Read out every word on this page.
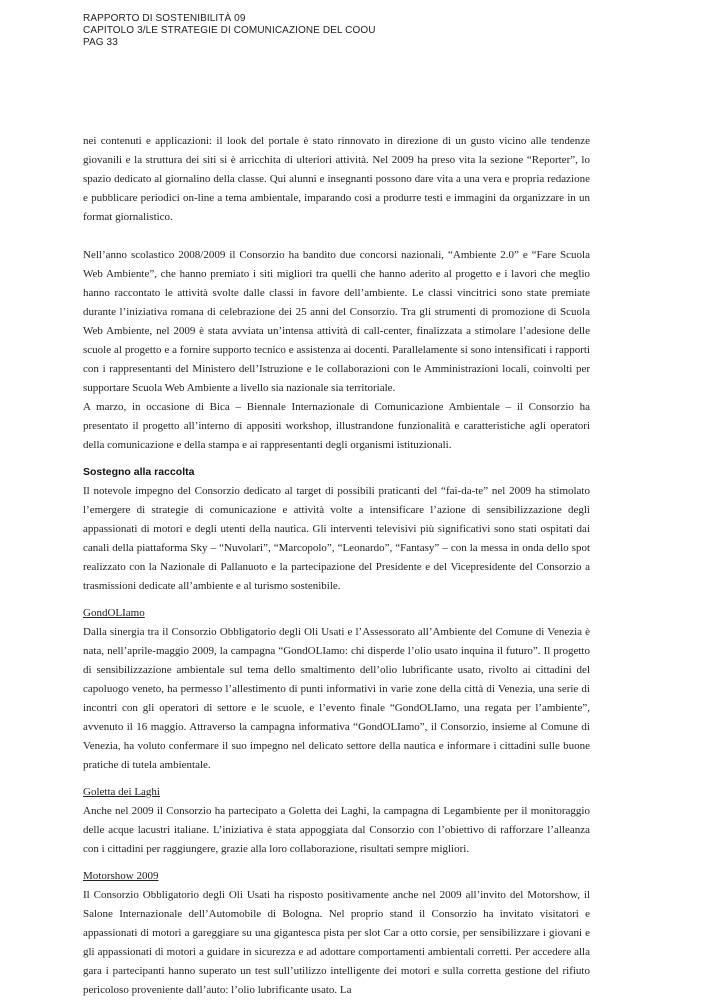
RAPPORTO DI SOSTENIBILITÀ 09
CAPITOLO 3/LE STRATEGIE DI COMUNICAZIONE DEL COOU
PAG 33

nei contenuti e applicazioni: il look del portale è stato rinnovato in direzione di un gusto vicino alle tendenze giovanili e la struttura dei siti si è arricchita di ulteriori attività. Nel 2009 ha preso vita la sezione “Reporter”, lo spazio dedicato al giornalino della classe. Qui alunni e insegnanti possono dare vita a una vera e propria redazione e pubblicare periodici on-line a tema ambientale, imparando così a produrre testi e immagini da organizzare in un format giornalistico.

Nell’anno scolastico 2008/2009 il Consorzio ha bandito due concorsi nazionali, “Ambiente 2.0” e “Fare Scuola Web Ambiente”, che hanno premiato i siti migliori tra quelli che hanno aderito al progetto e i lavori che meglio hanno raccontato le attività svolte dalle classi in favore dell’ambiente. Le classi vincitrici sono state premiate durante l’iniziativa romana di celebrazione dei 25 anni del Consorzio. Tra gli strumenti di promozione di Scuola Web Ambiente, nel 2009 è stata avviata un’intensa attività di call-center, finalizzata a stimolare l’adesione delle scuole al progetto e a fornire supporto tecnico e assistenza ai docenti. Parallelamente si sono intensificati i rapporti con i rappresentanti del Ministero dell’Istruzione e le collaborazioni con le Amministrazioni locali, coinvolti per supportare Scuola Web Ambiente a livello sia nazionale sia territoriale.

A marzo, in occasione di Bica – Biennale Internazionale di Comunicazione Ambientale – il Consorzio ha presentato il progetto all’interno di appositi workshop, illustrandone funzionalità e caratteristiche agli operatori della comunicazione e della stampa e ai rappresentanti degli organismi istituzionali.

Sostegno alla raccolta

Il notevole impegno del Consorzio dedicato al target di possibili praticanti del “fai-da-te” nel 2009 ha stimolato l’emergere di strategie di comunicazione e attività volte a intensificare l’azione di sensibilizzazione degli appassionati di motori e degli utenti della nautica. Gli interventi televisivi più significativi sono stati ospitati dai canali della piattaforma Sky – “Nuvolari”, “Marcopolo”, “Leonardo”, “Fantasy” – con la messa in onda dello spot realizzato con la Nazionale di Pallanuoto e la partecipazione del Presidente e del Vicepresidente del Consorzio a trasmissioni dedicate all’ambiente e al turismo sostenibile.

GondOLIamo

Dalla sinergia tra il Consorzio Obbligatorio degli Oli Usati e l’Assessorato all’Ambiente del Comune di Venezia è nata, nell’aprile-maggio 2009, la campagna “GondOLIamo: chi disperde l’olio usato inquina il futuro”. Il progetto di sensibilizzazione ambientale sul tema dello smaltimento dell’olio lubrificante usato, rivolto ai cittadini del capoluogo veneto, ha permesso l’allestimento di punti informativi in varie zone della città di Venezia, una serie di incontri con gli operatori di settore e le scuole, e l’evento finale “GondOLIamo, una regata per l’ambiente”, avvenuto il 16 maggio. Attraverso la campagna informativa “GondOLIamo”, il Consorzio, insieme al Comune di Venezia, ha voluto confermare il suo impegno nel delicato settore della nautica e informare i cittadini sulle buone pratiche di tutela ambientale.

Goletta dei Laghi

Anche nel 2009 il Consorzio ha partecipato a Goletta dei Laghi, la campagna di Legambiente per il monitoraggio delle acque lacustri italiane. L’iniziativa è stata appoggiata dal Consorzio con l’obiettivo di rafforzare l’alleanza con i cittadini per raggiungere, grazie alla loro collaborazione, risultati sempre migliori.

Motorshow 2009

Il Consorzio Obbligatorio degli Oli Usati ha risposto positivamente anche nel 2009 all’invito del Motorshow, il Salone Internazionale dell’Automobile di Bologna. Nel proprio stand il Consorzio ha invitato visitatori e appassionati di motori a gareggiare su una gigantesca pista per slot Car a otto corsie, per sensibilizzare i giovani e gli appassionati di motori a guidare in sicurezza e ad adottare comportamenti ambientali corretti. Per accedere alla gara i partecipanti hanno superato un test sull’utilizzo intelligente dei motori e sulla corretta gestione del rifiuto pericoloso proveniente dall’auto: l’olio lubrificante usato. La
